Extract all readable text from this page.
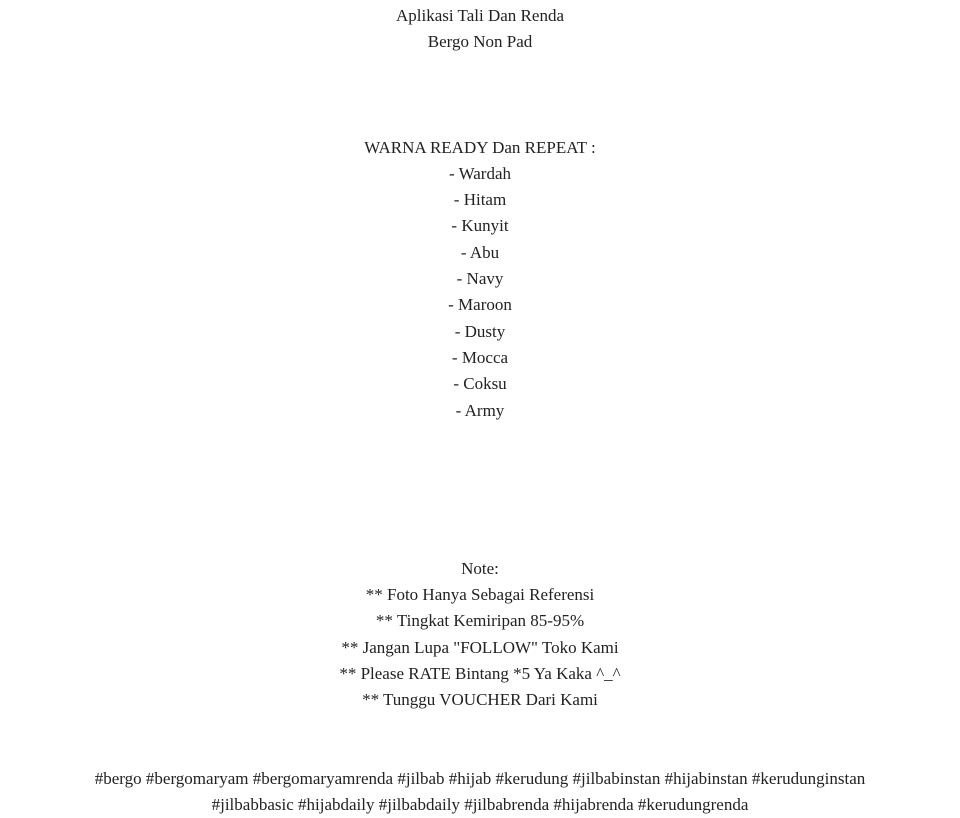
Aplikasi Tali Dan Renda
Bergo Non Pad
WARNA READY Dan REPEAT :
- Wardah
- Hitam
- Kunyit
- Abu
- Navy
- Maroon
- Dusty
- Mocca
- Coksu
- Army
Note:
** Foto Hanya Sebagai Referensi
** Tingkat Kemiripan 85-95%
** Jangan Lupa "FOLLOW" Toko Kami
** Please RATE Bintang *5 Ya Kaka ^_^
** Tunggu VOUCHER Dari Kami
#bergo #bergomaryam #bergomaryamrenda #jilbab #hijab #kerudung #jilbabinstan #hijabinstan #kerudunginstan
#jilbabbasic #hijabdaily #jilbabdaily #jilbabrenda #hijabrenda #kerudungrenda
